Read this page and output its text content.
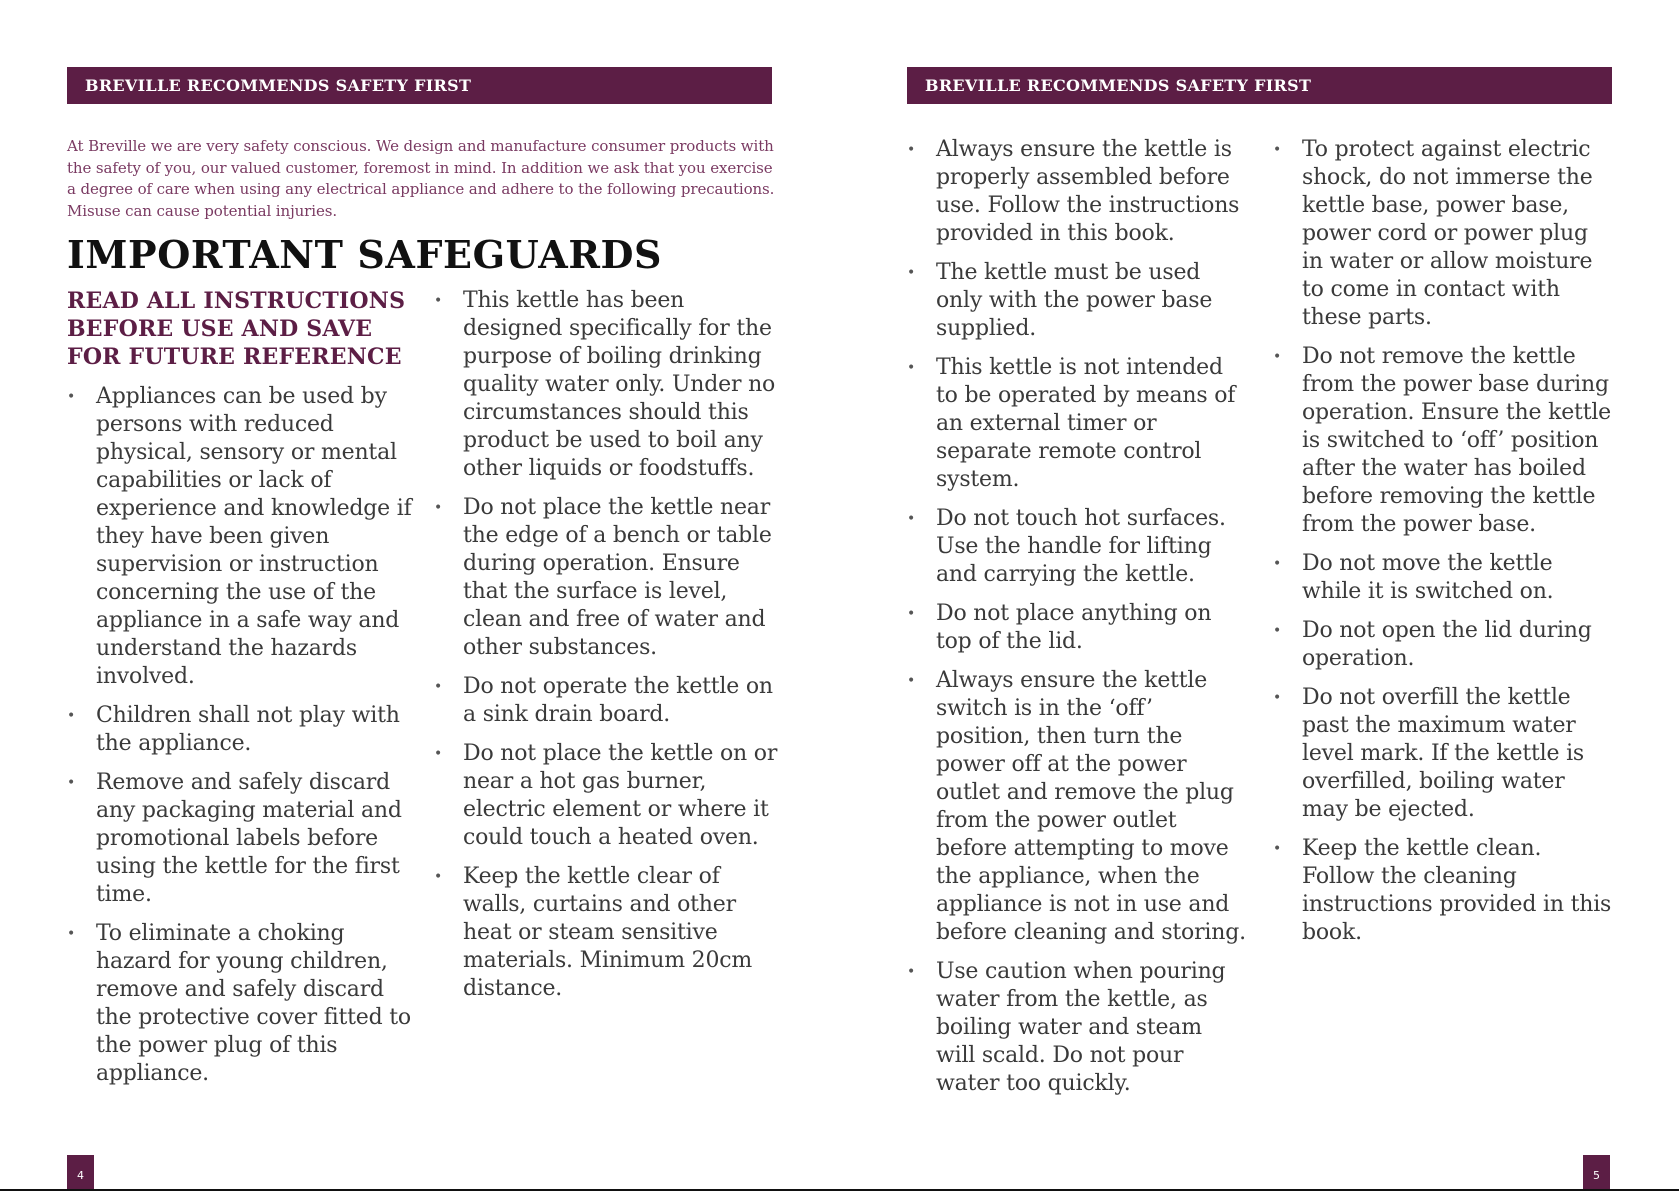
BREVILLE RECOMMENDS SAFETY FIRST

At Breville we are very safety conscious. We design and manufacture consumer products with the safety of you, our valued customer, foremost in mind. In addition we ask that you exercise a degree of care when using any electrical appliance and adhere to the following precautions. Misuse can cause potential injuries.

IMPORTANT SAFEGUARDS
READ ALL INSTRUCTIONS BEFORE USE AND SAVE FOR FUTURE REFERENCE
• Appliances can be used by persons with reduced physical, sensory or mental capabilities or lack of experience and knowledge if they have been given supervision or instruction concerning the use of the appliance in a safe way and understand the hazards involved.
• Children shall not play with the appliance.
• Remove and safely discard any packaging material and promotional labels before using the kettle for the first time.
• To eliminate a choking hazard for young children, remove and safely discard the protective cover fitted to the power plug of this appliance.
• This kettle has been designed specifically for the purpose of boiling drinking quality water only. Under no circumstances should this product be used to boil any other liquids or foodstuffs.
• Do not place the kettle near the edge of a bench or table during operation. Ensure that the surface is level, clean and free of water and other substances.
• Do not operate the kettle on a sink drain board.
• Do not place the kettle on or near a hot gas burner, electric element or where it could touch a heated oven.
• Keep the kettle clear of walls, curtains and other heat or steam sensitive materials. Minimum 20cm distance.
4
BREVILLE RECOMMENDS SAFETY FIRST
• Always ensure the kettle is properly assembled before use. Follow the instructions provided in this book.
• The kettle must be used only with the power base supplied.
• This kettle is not intended to be operated by means of an external timer or separate remote control system.
• Do not touch hot surfaces. Use the handle for lifting and carrying the kettle.
• Do not place anything on top of the lid.
• Always ensure the kettle switch is in the ‘off’ position, then turn the power off at the power outlet and remove the plug from the power outlet before attempting to move the appliance, when the appliance is not in use and before cleaning and storing.
• Use caution when pouring water from the kettle, as boiling water and steam will scald. Do not pour water too quickly.
• To protect against electric shock, do not immerse the kettle base, power base, power cord or power plug in water or allow moisture to come in contact with these parts.
• Do not remove the kettle from the power base during operation. Ensure the kettle is switched to ‘off’ position after the water has boiled before removing the kettle from the power base.
• Do not move the kettle while it is switched on.
• Do not open the lid during operation.
• Do not overfill the kettle past the maximum water level mark. If the kettle is overfilled, boiling water may be ejected.
• Keep the kettle clean. Follow the cleaning instructions provided in this book.
5
